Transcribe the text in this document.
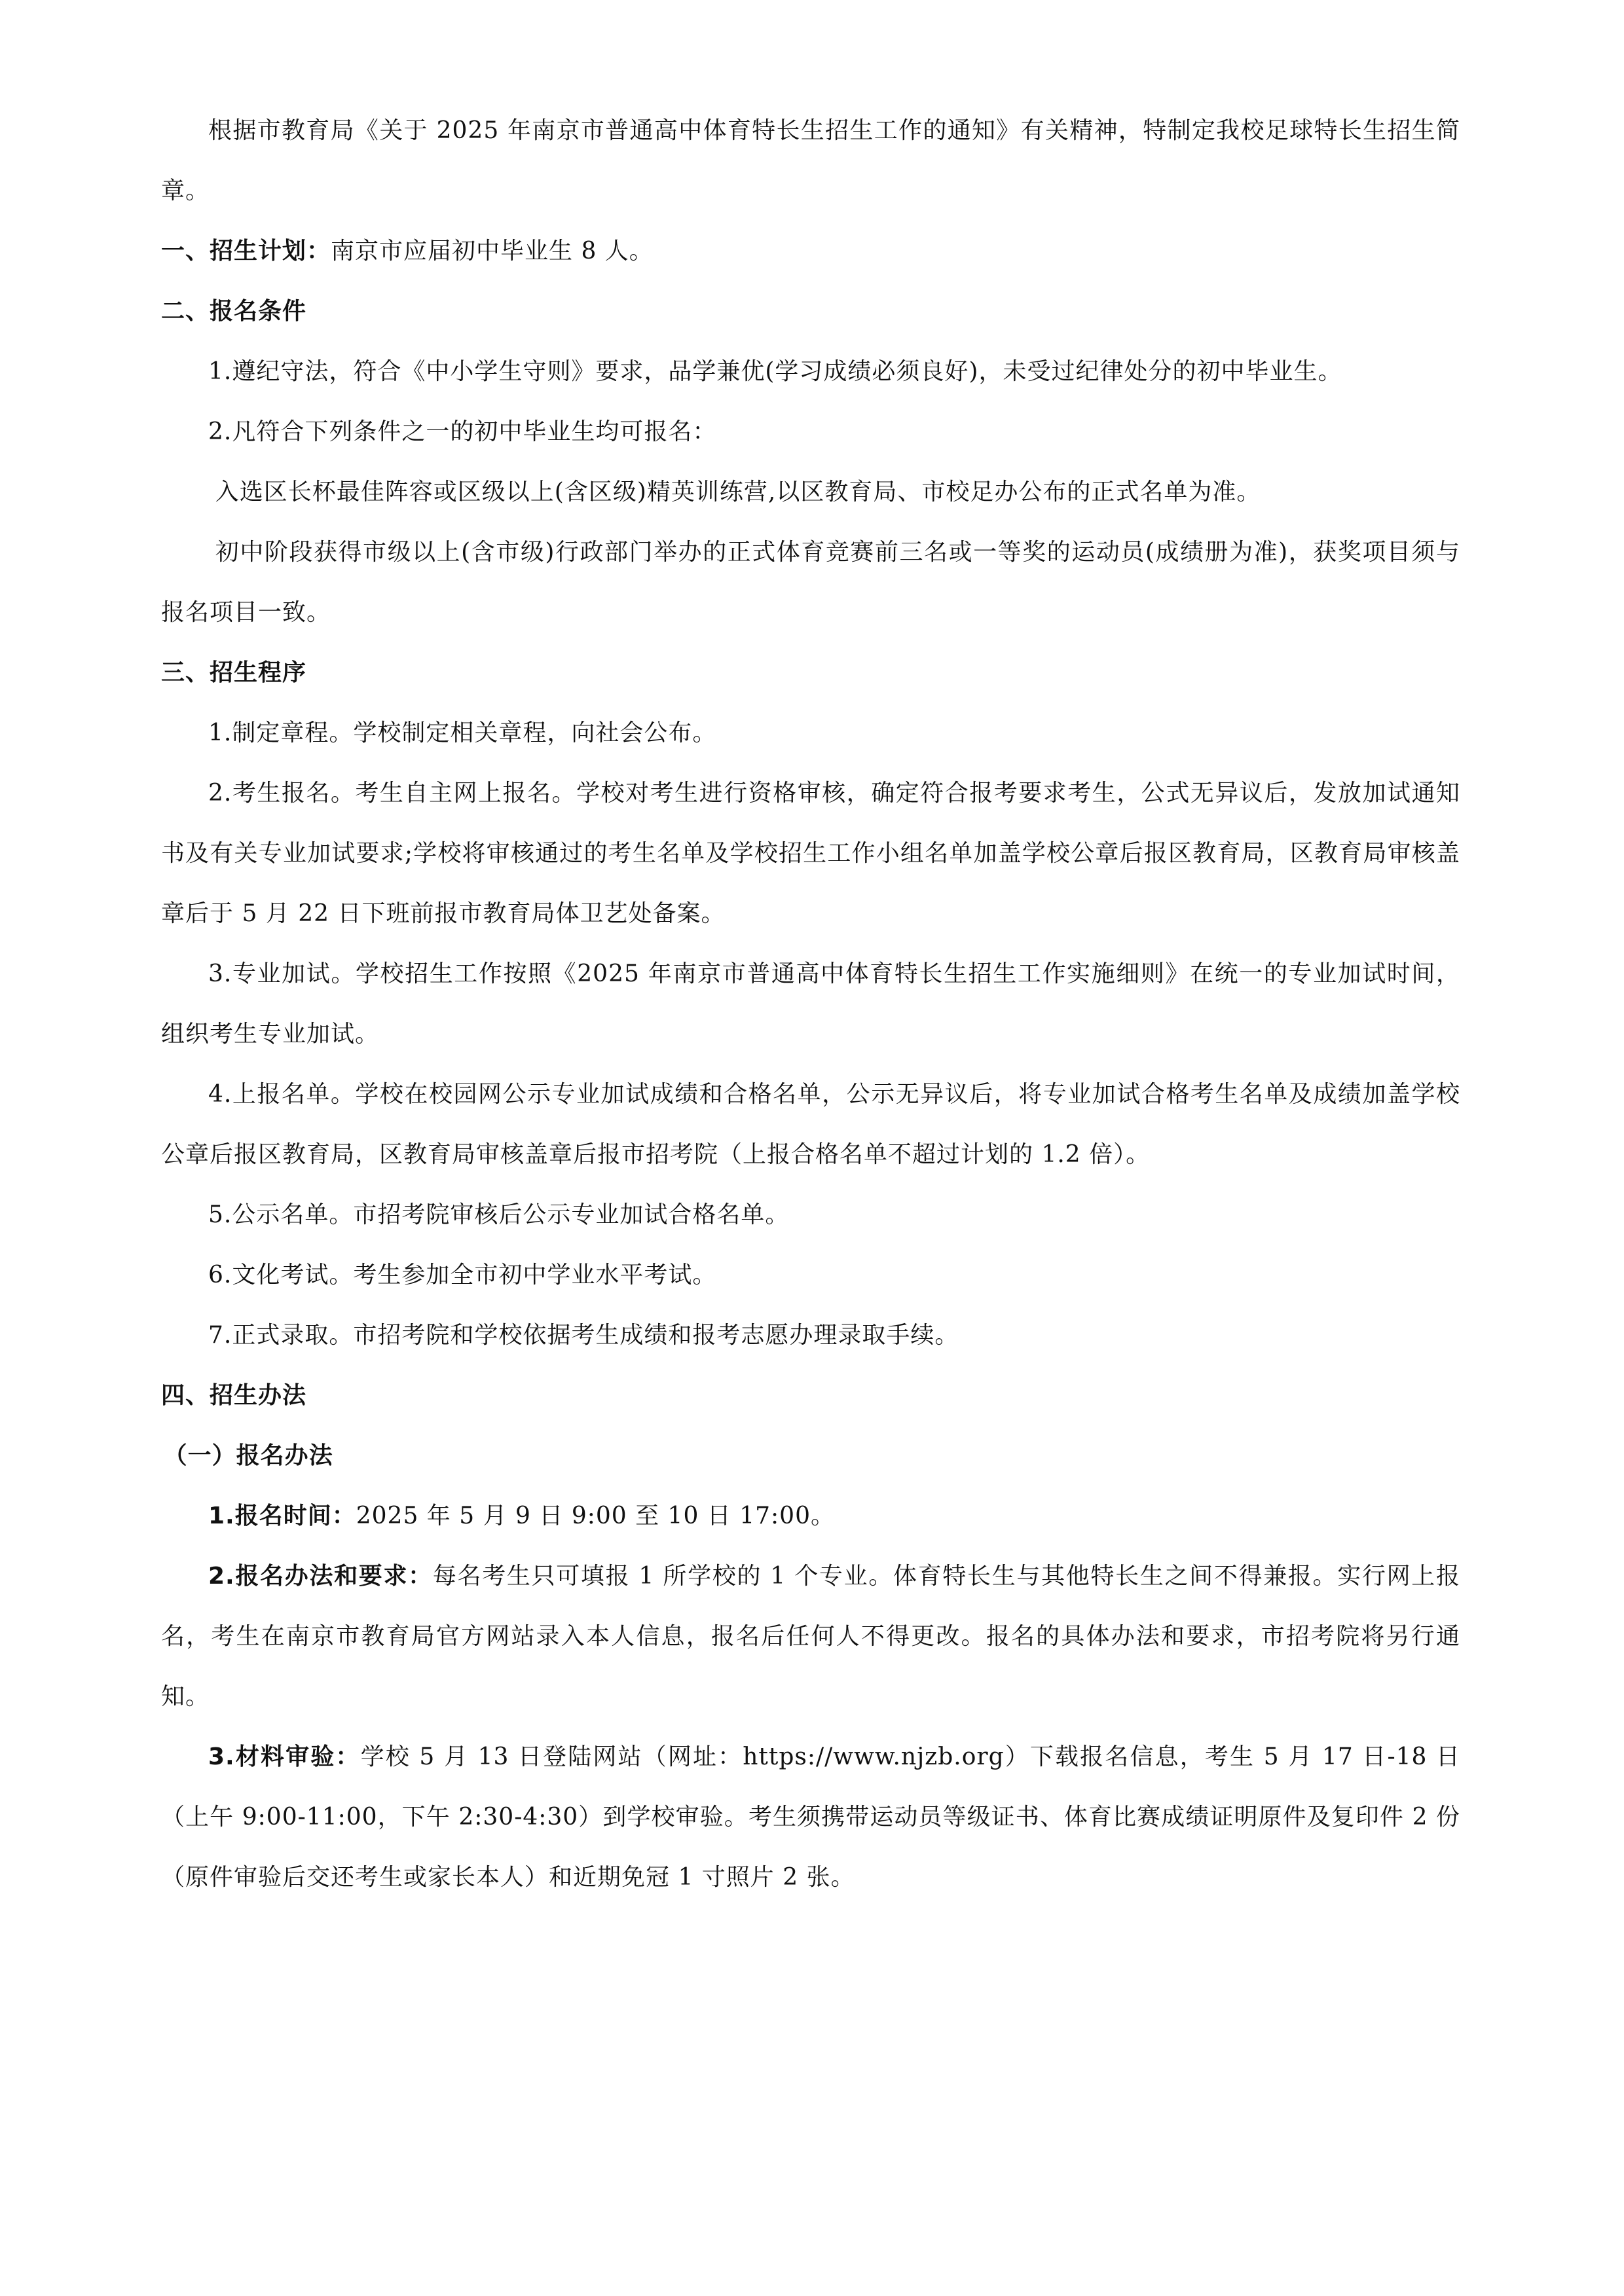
根据市教育局《关于 2025 年南京市普通高中体育特长生招生工作的通知》有关精神，特制定我校足球特长生招生简章。

一、招生计划：南京市应届初中毕业生 8 人。

二、报名条件

1.遵纪守法，符合《中小学生守则》要求，品学兼优(学习成绩必须良好)，未受过纪律处分的初中毕业生。

2.凡符合下列条件之一的初中毕业生均可报名：

入选区长杯最佳阵容或区级以上(含区级)精英训练营,以区教育局、市校足办公布的正式名单为准。

初中阶段获得市级以上(含市级)行政部门举办的正式体育竞赛前三名或一等奖的运动员(成绩册为准)，获奖项目须与报名项目一致。

三、招生程序

1.制定章程。学校制定相关章程，向社会公布。

2.考生报名。考生自主网上报名。学校对考生进行资格审核，确定符合报考要求考生，公式无异议后，发放加试通知书及有关专业加试要求;学校将审核通过的考生名单及学校招生工作小组名单加盖学校公章后报区教育局，区教育局审核盖章后于 5 月 22 日下班前报市教育局体卫艺处备案。

3.专业加试。学校招生工作按照《2025 年南京市普通高中体育特长生招生工作实施细则》在统一的专业加试时间，组织考生专业加试。

4.上报名单。学校在校园网公示专业加试成绩和合格名单，公示无异议后，将专业加试合格考生名单及成绩加盖学校公章后报区教育局，区教育局审核盖章后报市招考院（上报合格名单不超过计划的 1.2 倍）。

5.公示名单。市招考院审核后公示专业加试合格名单。

6.文化考试。考生参加全市初中学业水平考试。

7.正式录取。市招考院和学校依据考生成绩和报考志愿办理录取手续。

四、招生办法

（一）报名办法

1.报名时间：2025 年 5 月 9 日 9:00 至 10 日 17:00。

2.报名办法和要求：每名考生只可填报 1 所学校的 1 个专业。体育特长生与其他特长生之间不得兼报。实行网上报名，考生在南京市教育局官方网站录入本人信息，报名后任何人不得更改。报名的具体办法和要求，市招考院将另行通知。

3.材料审验：学校 5 月 13 日登陆网站（网址：https://www.njzb.org）下载报名信息，考生 5 月 17 日-18 日（上午 9:00-11:00，下午 2:30-4:30）到学校审验。考生须携带运动员等级证书、体育比赛成绩证明原件及复印件 2 份（原件审验后交还考生或家长本人）和近期免冠 1 寸照片 2 张。
